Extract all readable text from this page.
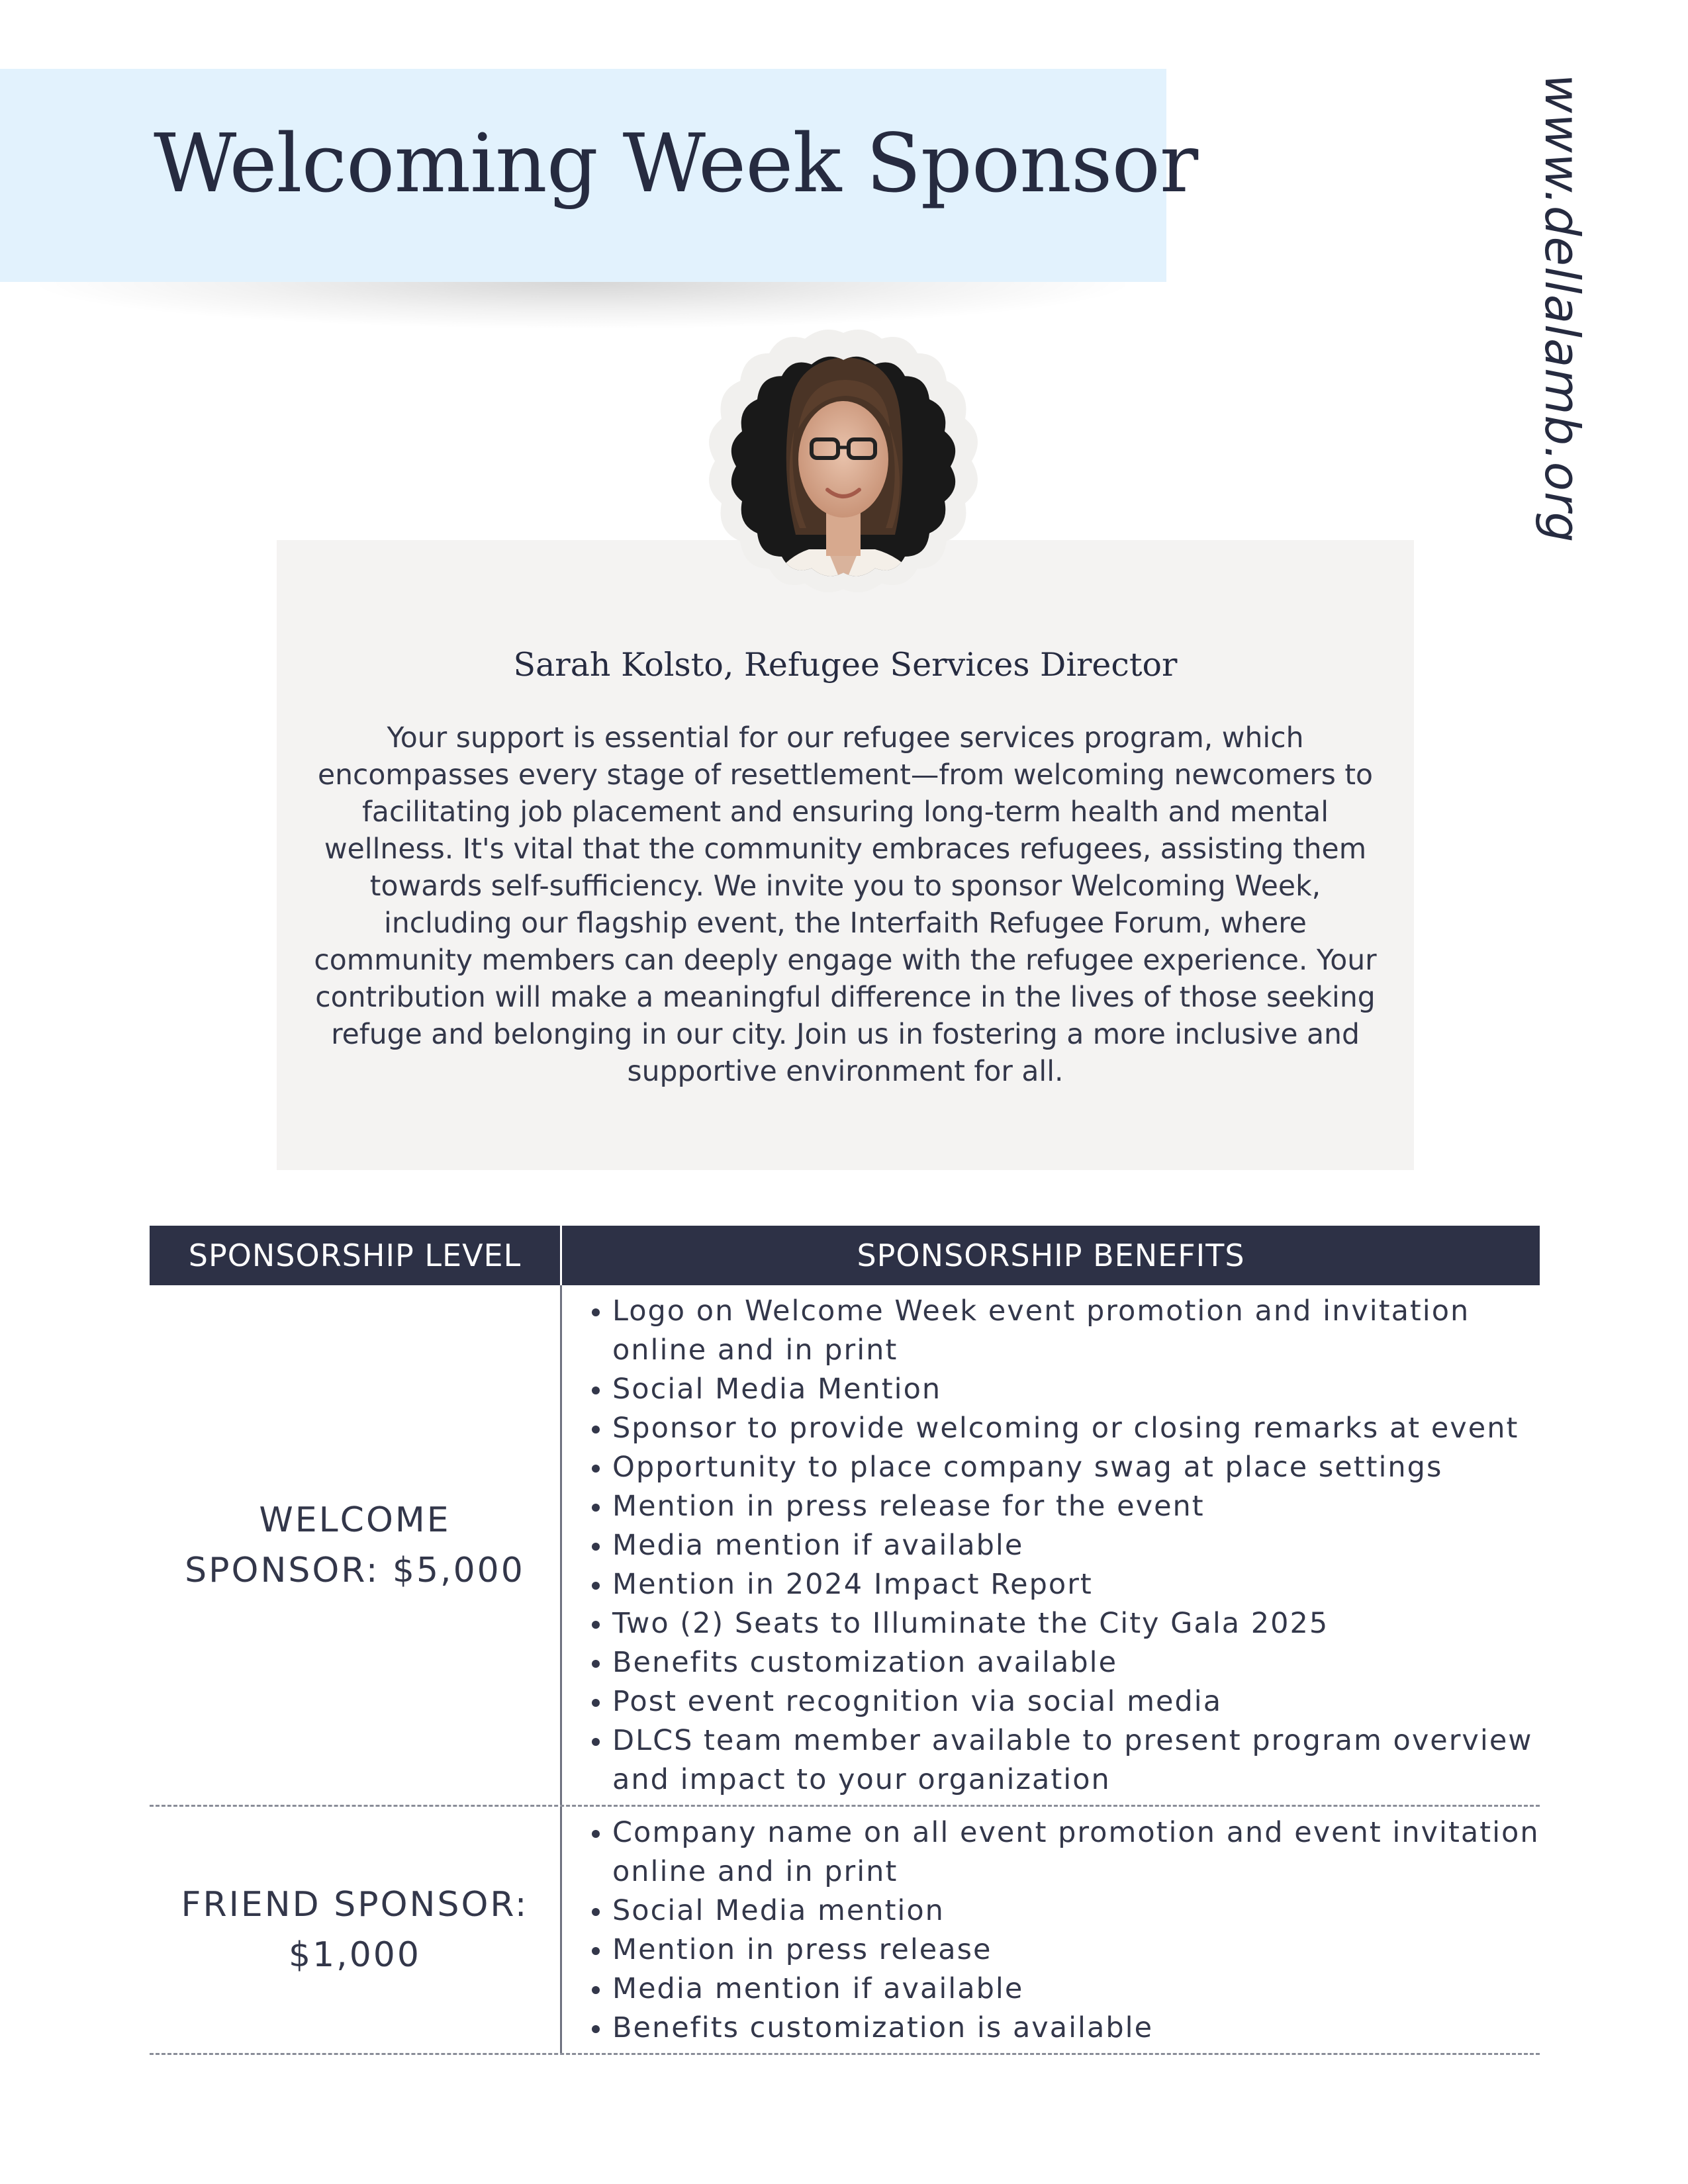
Welcoming Week Sponsor	www.dellalamb.org
Sarah Kolsto, Refugee Services Director

Your support is essential for our refugee services program, which encompasses every stage of resettlement—from welcoming newcomers to facilitating job placement and ensuring long-term health and mental wellness. It's vital that the community embraces refugees, assisting them towards self-sufficiency. We invite you to sponsor Welcoming Week, including our flagship event, the Interfaith Refugee Forum, where community members can deeply engage with the refugee experience. Your contribution will make a meaningful difference in the lives of those seeking refuge and belonging in our city. Join us in fostering a more inclusive and supportive environment for all.

SPONSORSHIP LEVEL	SPONSORSHIP BENEFITS
WELCOME
SPONSOR: $5,000
• Logo on Welcome Week event promotion and invitation online and in print
• Social Media Mention
• Sponsor to provide welcoming or closing remarks at event
• Opportunity to place company swag at place settings
• Mention in press release for the event
• Media mention if available
• Mention in 2024 Impact Report
• Two (2) Seats to Illuminate the City Gala 2025
• Benefits customization available
• Post event recognition via social media
• DLCS team member available to present program overview and impact to your organization
FRIEND SPONSOR:
$1,000
• Company name on all event promotion and event invitation online and in print
• Social Media mention
• Mention in press release
• Media mention if available
• Benefits customization is available
